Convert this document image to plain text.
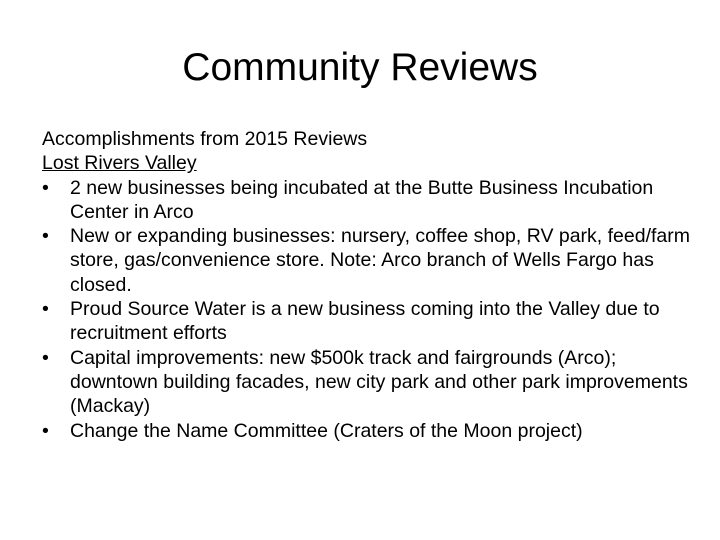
Community Reviews

Accomplishments from 2015 Reviews

Lost Rivers Valley

•	2 new businesses being incubated at the Butte Business Incubation Center in Arco
•	New or expanding businesses: nursery, coffee shop, RV park, feed/farm store, gas/convenience store. Note: Arco branch of Wells Fargo has closed.
•	Proud Source Water is a new business coming into the Valley due to recruitment efforts
•	Capital improvements: new $500k track and fairgrounds (Arco); downtown building facades, new city park and other park improvements (Mackay)
•	Change the Name Committee (Craters of the Moon project)
